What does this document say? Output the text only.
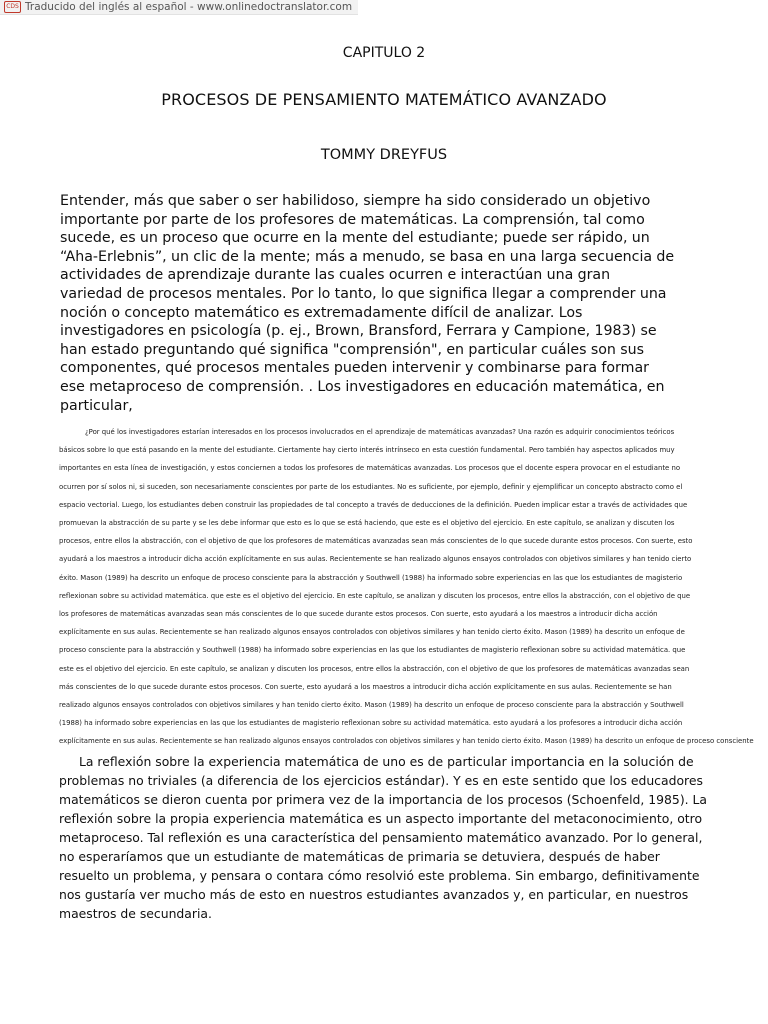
CDS Traducido del inglés al español - www.onlinedoctranslator.com
CAPITULO 2
PROCESOS DE PENSAMIENTO MATEMÁTICO AVANZADO
TOMMY DREYFUS
Entender, más que saber o ser habilidoso, siempre ha sido considerado un objetivo
importante por parte de los profesores de matemáticas. La comprensión, tal como
sucede, es un proceso que ocurre en la mente del estudiante; puede ser rápido, un
“Aha-Erlebnis”, un clic de la mente; más a menudo, se basa en una larga secuencia de
actividades de aprendizaje durante las cuales ocurren e interactúan una gran
variedad de procesos mentales. Por lo tanto, lo que significa llegar a comprender una
noción o concepto matemático es extremadamente difícil de analizar. Los
investigadores en psicología (p. ej., Brown, Bransford, Ferrara y Campione, 1983) se
han estado preguntando qué significa "comprensión", en particular cuáles son sus
componentes, qué procesos mentales pueden intervenir y combinarse para formar
ese metaproceso de comprensión. . Los investigadores en educación matemática, en
particular,
¿Por qué los investigadores estarían interesados en los procesos involucrados en el aprendizaje de matemáticas avanzadas? Una razón es adquirir conocimientos teóricos
básicos sobre lo que está pasando en la mente del estudiante. Ciertamente hay cierto interés intrínseco en esta cuestión fundamental. Pero también hay aspectos aplicados muy
importantes en esta línea de investigación, y estos conciernen a todos los profesores de matemáticas avanzadas. Los procesos que el docente espera provocar en el estudiante no
ocurren por sí solos ni, si suceden, son necesariamente conscientes por parte de los estudiantes. No es suficiente, por ejemplo, definir y ejemplificar un concepto abstracto como el
espacio vectorial. Luego, los estudiantes deben construir las propiedades de tal concepto a través de deducciones de la definición. Pueden implicar estar a través de actividades que
promuevan la abstracción de su parte y se les debe informar que esto es lo que se está haciendo, que este es el objetivo del ejercicio. En este capítulo, se analizan y discuten los
procesos, entre ellos la abstracción, con el objetivo de que los profesores de matemáticas avanzadas sean más conscientes de lo que sucede durante estos procesos. Con suerte, esto
ayudará a los maestros a introducir dicha acción explícitamente en sus aulas. Recientemente se han realizado algunos ensayos controlados con objetivos similares y han tenido cierto
éxito. Mason (1989) ha descrito un enfoque de proceso consciente para la abstracción y Southwell (1988) ha informado sobre experiencias en las que los estudiantes de magisterio
reflexionan sobre su actividad matemática. que este es el objetivo del ejercicio. En este capítulo, se analizan y discuten los procesos, entre ellos la abstracción, con el objetivo de que
los profesores de matemáticas avanzadas sean más conscientes de lo que sucede durante estos procesos. Con suerte, esto ayudará a los maestros a introducir dicha acción
explícitamente en sus aulas. Recientemente se han realizado algunos ensayos controlados con objetivos similares y han tenido cierto éxito. Mason (1989) ha descrito un enfoque de
proceso consciente para la abstracción y Southwell (1988) ha informado sobre experiencias en las que los estudiantes de magisterio reflexionan sobre su actividad matemática. que
este es el objetivo del ejercicio. En este capítulo, se analizan y discuten los procesos, entre ellos la abstracción, con el objetivo de que los profesores de matemáticas avanzadas sean
más conscientes de lo que sucede durante estos procesos. Con suerte, esto ayudará a los maestros a introducir dicha acción explícitamente en sus aulas. Recientemente se han
realizado algunos ensayos controlados con objetivos similares y han tenido cierto éxito. Mason (1989) ha descrito un enfoque de proceso consciente para la abstracción y Southwell
(1988) ha informado sobre experiencias en las que los estudiantes de magisterio reflexionan sobre su actividad matemática. esto ayudará a los profesores a introducir dicha acción
explícitamente en sus aulas. Recientemente se han realizado algunos ensayos controlados con objetivos similares y han tenido cierto éxito. Mason (1989) ha descrito un enfoque de proceso consciente
La reflexión sobre la experiencia matemática de uno es de particular importancia en la solución de
problemas no triviales (a diferencia de los ejercicios estándar). Y es en este sentido que los educadores
matemáticos se dieron cuenta por primera vez de la importancia de los procesos (Schoenfeld, 1985). La
reflexión sobre la propia experiencia matemática es un aspecto importante del metaconocimiento, otro
metaproceso. Tal reflexión es una característica del pensamiento matemático avanzado. Por lo general,
no esperaríamos que un estudiante de matemáticas de primaria se detuviera, después de haber
resuelto un problema, y pensara o contara cómo resolvió este problema. Sin embargo, definitivamente
nos gustaría ver mucho más de esto en nuestros estudiantes avanzados y, en particular, en nuestros
maestros de secundaria.
